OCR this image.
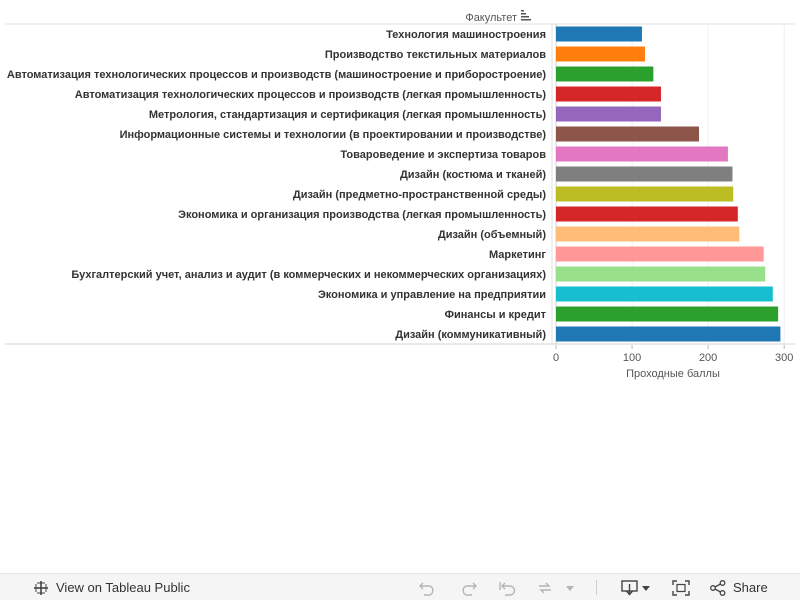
Факультет
Технология машиностроения
Производство текстильных материалов
Автоматизация технологических процессов и производств (машиностроение и приборостроение)
Автоматизация технологических процессов и производств (легкая промышленность)
Метрология, стандартизация и сертификация (легкая промышленность)
Информационные системы и технологии (в проектировании и производстве)
Товароведение и экспертиза товаров
Дизайн (костюма и тканей)
Дизайн (предметно-пространственной среды)
Экономика и организация производства (легкая промышленность)
Дизайн (объемный)
Маркетинг
Бухгалтерский учет, анализ и аудит (в коммерческих и некоммерческих организациях)
Экономика и управление на предприятии
Финансы и кредит
Дизайн (коммуникативный)
0	100	200	300
Проходные баллы
View on Tableau Public	Share
